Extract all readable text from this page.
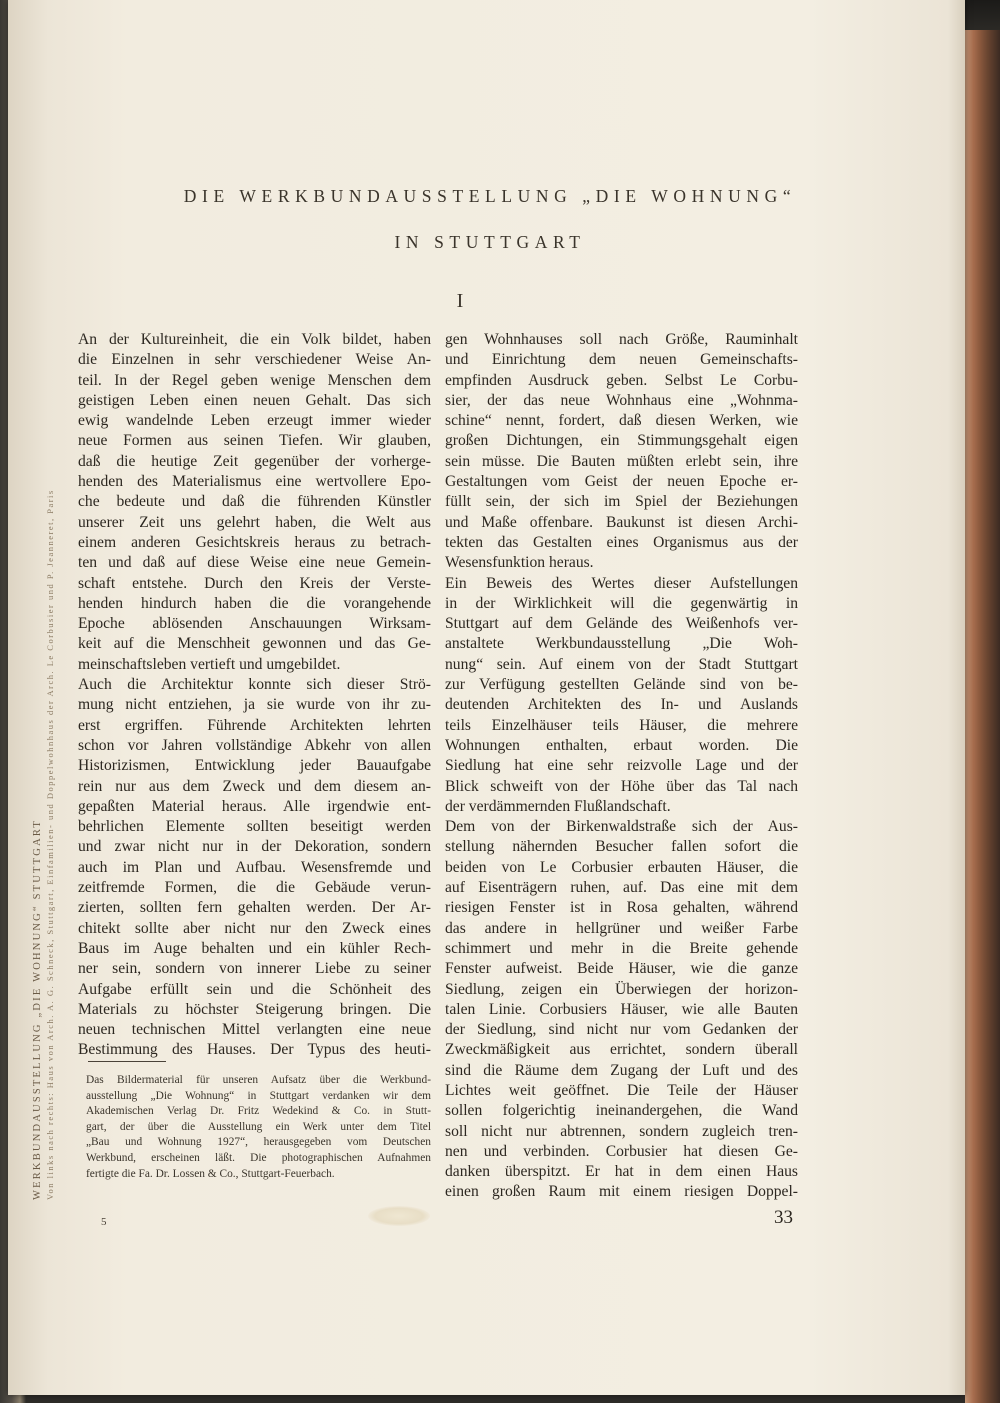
WERKBUNDAUSSTELLUNG „DIE WOHNUNG“ STUTTGART Von links nach rechts: Haus von Arch. A. G. Schneck, Stuttgart, Einfamilien- und Doppelwohnhaus der Arch. Le Corbusier und P. Jeanneret, Paris
DIE WERKBUNDAUSSTELLUNG „DIE WOHNUNG“
IN STUTTGART
I
An der Kultureinheit, die ein Volk bildet, haben
die Einzelnen in sehr verschiedener Weise An-
teil. In der Regel geben wenige Menschen dem
geistigen Leben einen neuen Gehalt. Das sich
ewig wandelnde Leben erzeugt immer wieder
neue Formen aus seinen Tiefen. Wir glauben,
daß die heutige Zeit gegenüber der vorherge-
henden des Materialismus eine wertvollere Epo-
che bedeute und daß die führenden Künstler
unserer Zeit uns gelehrt haben, die Welt aus
einem anderen Gesichtskreis heraus zu betrach-
ten und daß auf diese Weise eine neue Gemein-
schaft entstehe. Durch den Kreis der Verste-
henden hindurch haben die die vorangehende
Epoche ablösenden Anschauungen Wirksam-
keit auf die Menschheit gewonnen und das Ge-
meinschaftsleben vertieft und umgebildet.
Auch die Architektur konnte sich dieser Strö-
mung nicht entziehen, ja sie wurde von ihr zu-
erst ergriffen. Führende Architekten lehrten
schon vor Jahren vollständige Abkehr von allen
Historizismen, Entwicklung jeder Bauaufgabe
rein nur aus dem Zweck und dem diesem an-
gepaßten Material heraus. Alle irgendwie ent-
behrlichen Elemente sollten beseitigt werden
und zwar nicht nur in der Dekoration, sondern
auch im Plan und Aufbau. Wesensfremde und
zeitfremde Formen, die die Gebäude verun-
zierten, sollten fern gehalten werden. Der Ar-
chitekt sollte aber nicht nur den Zweck eines
Baus im Auge behalten und ein kühler Rech-
ner sein, sondern von innerer Liebe zu seiner
Aufgabe erfüllt sein und die Schönheit des
Materials zu höchster Steigerung bringen. Die
neuen technischen Mittel verlangten eine neue
Bestimmung des Hauses. Der Typus des heuti-
gen Wohnhauses soll nach Größe, Rauminhalt
und Einrichtung dem neuen Gemeinschafts-
empfinden Ausdruck geben. Selbst Le Corbu-
sier, der das neue Wohnhaus eine „Wohnma-
schine“ nennt, fordert, daß diesen Werken, wie
großen Dichtungen, ein Stimmungsgehalt eigen
sein müsse. Die Bauten müßten erlebt sein, ihre
Gestaltungen vom Geist der neuen Epoche er-
füllt sein, der sich im Spiel der Beziehungen
und Maße offenbare. Baukunst ist diesen Archi-
tekten das Gestalten eines Organismus aus der
Wesensfunktion heraus.
Ein Beweis des Wertes dieser Aufstellungen
in der Wirklichkeit will die gegenwärtig in
Stuttgart auf dem Gelände des Weißenhofs ver-
anstaltete Werkbundausstellung „Die Woh-
nung“ sein. Auf einem von der Stadt Stuttgart
zur Verfügung gestellten Gelände sind von be-
deutenden Architekten des In- und Auslands
teils Einzelhäuser teils Häuser, die mehrere
Wohnungen enthalten, erbaut worden. Die
Siedlung hat eine sehr reizvolle Lage und der
Blick schweift von der Höhe über das Tal nach
der verdämmernden Flußlandschaft.
Dem von der Birkenwaldstraße sich der Aus-
stellung nähernden Besucher fallen sofort die
beiden von Le Corbusier erbauten Häuser, die
auf Eisenträgern ruhen, auf. Das eine mit dem
riesigen Fenster ist in Rosa gehalten, während
das andere in hellgrüner und weißer Farbe
schimmert und mehr in die Breite gehende
Fenster aufweist. Beide Häuser, wie die ganze
Siedlung, zeigen ein Überwiegen der horizon-
talen Linie. Corbusiers Häuser, wie alle Bauten
der Siedlung, sind nicht nur vom Gedanken der
Zweckmäßigkeit aus errichtet, sondern überall
sind die Räume dem Zugang der Luft und des
Lichtes weit geöffnet. Die Teile der Häuser
sollen folgerichtig ineinandergehen, die Wand
soll nicht nur abtrennen, sondern zugleich tren-
nen und verbinden. Corbusier hat diesen Ge-
danken überspitzt. Er hat in dem einen Haus
einen großen Raum mit einem riesigen Doppel-
Das Bildermaterial für unseren Aufsatz über die Werkbund-
ausstellung „Die Wohnung“ in Stuttgart verdanken wir dem
Akademischen Verlag Dr. Fritz Wedekind & Co. in Stutt-
gart, der über die Ausstellung ein Werk unter dem Titel
„Bau und Wohnung 1927“, herausgegeben vom Deutschen
Werkbund, erscheinen läßt. Die photographischen Aufnahmen
fertigte die Fa. Dr. Lossen & Co., Stuttgart-Feuerbach.
5	33
